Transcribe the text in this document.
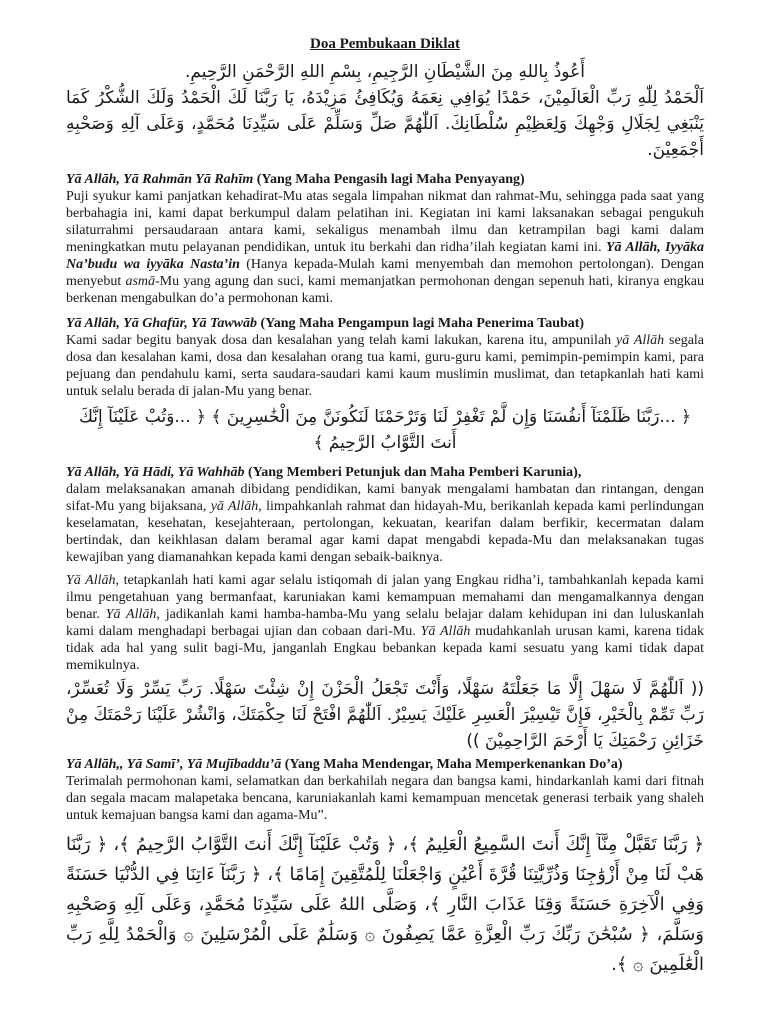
Doa Pembukaan Diklat

أَعُوذُ بِاللهِ مِنَ الشَّيْطَانِ الرَّجِيمِ، بِسْمِ اللهِ الرَّحْمَنِ الرَّحِيمِ.

اَلْحَمْدُ لِلّٰهِ رَبِّ الْعَالَمِيْنَ، حَمْدًا يُوَافِي نِعَمَهُ وَيُكَافِئُ مَزِيْدَهُ، يَا رَبَّنَا لَكَ الْحَمْدُ وَلَكَ الشُّكْرُ كَمَا يَنْبَغِي لِجَلَالِ وَجْهِكَ وَلِعَظِيْمِ سُلْطَانِكَ. اَللّٰهُمَّ صَلِّ وَسَلِّمْ عَلَى سَيِّدِنَا مُحَمَّدٍ، وَعَلَى آلِهِ وَصَحْبِهِ أَجْمَعِيْنَ.

Yā Allāh, Yā Rahmān Yā Rahīm (Yang Maha Pengasih lagi Maha Penyayang)

Puji syukur kami panjatkan kehadirat-Mu atas segala limpahan nikmat dan rahmat-Mu, sehingga pada saat yang berbahagia ini, kami dapat berkumpul dalam pelatihan ini. Kegiatan ini kami laksanakan sebagai pengukuh silaturrahmi persaudaraan antara kami, sekaligus menambah ilmu dan ketrampilan bagi kami dalam meningkatkan mutu pelayanan pendidikan, untuk itu berkahi dan ridha’ilah kegiatan kami ini. Yā Allāh, Iyyāka Na’budu wa iyyāka Nasta’in (Hanya kepada-Mulah kami menyembah dan memohon pertolongan). Dengan menyebut asmā-Mu yang agung dan suci, kami memanjatkan permohonan dengan sepenuh hati, kiranya engkau berkenan mengabulkan do’a permohonan kami.

Yā Allāh, Yā Ghafūr, Yā Tawwāb (Yang Maha Pengampun lagi Maha Penerima Taubat)

Kami sadar begitu banyak dosa dan kesalahan yang telah kami lakukan, karena itu, ampunilah yā Allāh segala dosa dan kesalahan kami, dosa dan kesalahan orang tua kami, guru-guru kami, pemimpin-pemimpin kami, para pejuang dan pendahulu kami, serta saudara-saudari kami kaum muslimin muslimat, dan tetapkanlah hati kami untuk selalu berada di jalan-Mu yang benar.

﴿ ...رَبَّنَا ظَلَمْنَآ أَنفُسَنَا وَإِن لَّمْ تَغْفِرْ لَنَا وَتَرْحَمْنَا لَنَكُونَنَّ مِنَ الْخَٰسِرِينَ ﴾ ﴿ ...وَتُبْ عَلَيْنَآ إِنَّكَ أَنتَ التَّوَّابُ الرَّحِيمُ ﴾

Yā Allāh, Yā Hādi, Yā Wahhāb (Yang Memberi Petunjuk dan Maha Pemberi Karunia),

dalam melaksanakan amanah dibidang pendidikan, kami banyak mengalami hambatan dan rintangan, dengan sifat-Mu yang bijaksana, yā Allāh, limpahkanlah rahmat dan hidayah-Mu, berikanlah kepada kami perlindungan keselamatan, kesehatan, kesejahteraan, pertolongan, kekuatan, kearifan dalam berfikir, kecermatan dalam bertindak, dan keikhlasan dalam beramal agar kami dapat mengabdi kepada-Mu dan melaksanakan tugas kewajiban yang diamanahkan kepada kami dengan sebaik-baiknya.

Yā Allāh, tetapkanlah hati kami agar selalu istiqomah di jalan yang Engkau ridha’i, tambahkanlah kepada kami ilmu pengetahuan yang bermanfaat, karuniakan kami kemampuan memahami dan mengamalkannya dengan benar. Yā Allāh, jadikanlah kami hamba-hamba-Mu yang selalu belajar dalam kehidupan ini dan luluskanlah kami dalam menghadapi berbagai ujian dan cobaan dari-Mu. Yā Allāh mudahkanlah urusan kami, karena tidak tidak ada hal yang sulit bagi-Mu, janganlah Engkau bebankan kepada kami sesuatu yang kami tidak dapat memikulnya.

(( اَللّٰهُمَّ لَا سَهْلَ إِلَّا مَا جَعَلْتَهُ سَهْلًا، وَأَنْتَ تَجْعَلُ الْحَزْنَ إِنْ شِئْتَ سَهْلًا. رَبِّ يَسِّرْ وَلَا تُعَسِّرْ، رَبِّ تَمِّمْ بِالْخَيْرِ، فَإِنَّ تَيْسِيْرَ الْعَسِرِ عَلَيْكَ يَسِيْرٌ. اَللّٰهُمَّ افْتَحْ لَنَا حِكْمَتَكَ، وَانْشُرْ عَلَيْنَا رَحْمَتَكَ مِنْ خَزَائِنِ رَحْمَتِكَ يَا أَرْحَمَ الرَّاحِمِيْنَ ))

Yā Allāh,, Yā Samī’, Yā Mujībaddu’ā (Yang Maha Mendengar, Maha Memperkenankan Do’a)

Terimalah permohonan kami, selamatkan dan berkahilah negara dan bangsa kami, hindarkanlah kami dari fitnah dan segala macam malapetaka bencana, karuniakanlah kami kemampuan mencetak generasi terbaik yang shaleh untuk kemajuan bangsa kami dan agama-Mu”.

﴿ رَبَّنَا تَقَبَّلْ مِنَّآ إِنَّكَ أَنتَ السَّمِيعُ الْعَلِيمُ ﴾، ﴿ وَتُبْ عَلَيْنَآ إِنَّكَ أَنتَ التَّوَّابُ الرَّحِيمُ ﴾، ﴿ رَبَّنَا هَبْ لَنَا مِنْ أَزْوَٰجِنَا وَذُرِّيَّٰتِنَا قُرَّةَ أَعْيُنٍ وَاجْعَلْنَا لِلْمُتَّقِينَ إِمَامًا ﴾، ﴿ رَبَّنَآ ءَاتِنَا فِي الدُّنْيَا حَسَنَةً وَفِي الْآخِرَةِ حَسَنَةً وَقِنَا عَذَابَ النَّارِ ﴾، وَصَلَّى اللهُ عَلَى سَيِّدِنَا مُحَمَّدٍ، وَعَلَى آلِهِ وَصَحْبِهِ وَسَلَّمَ، ﴿ سُبْحَٰنَ رَبِّكَ رَبِّ الْعِزَّةِ عَمَّا يَصِفُونَ ۞ وَسَلَٰمٌ عَلَى الْمُرْسَلِينَ ۞ وَالْحَمْدُ لِلَّهِ رَبِّ الْعَٰلَمِينَ ۞ ﴾.
